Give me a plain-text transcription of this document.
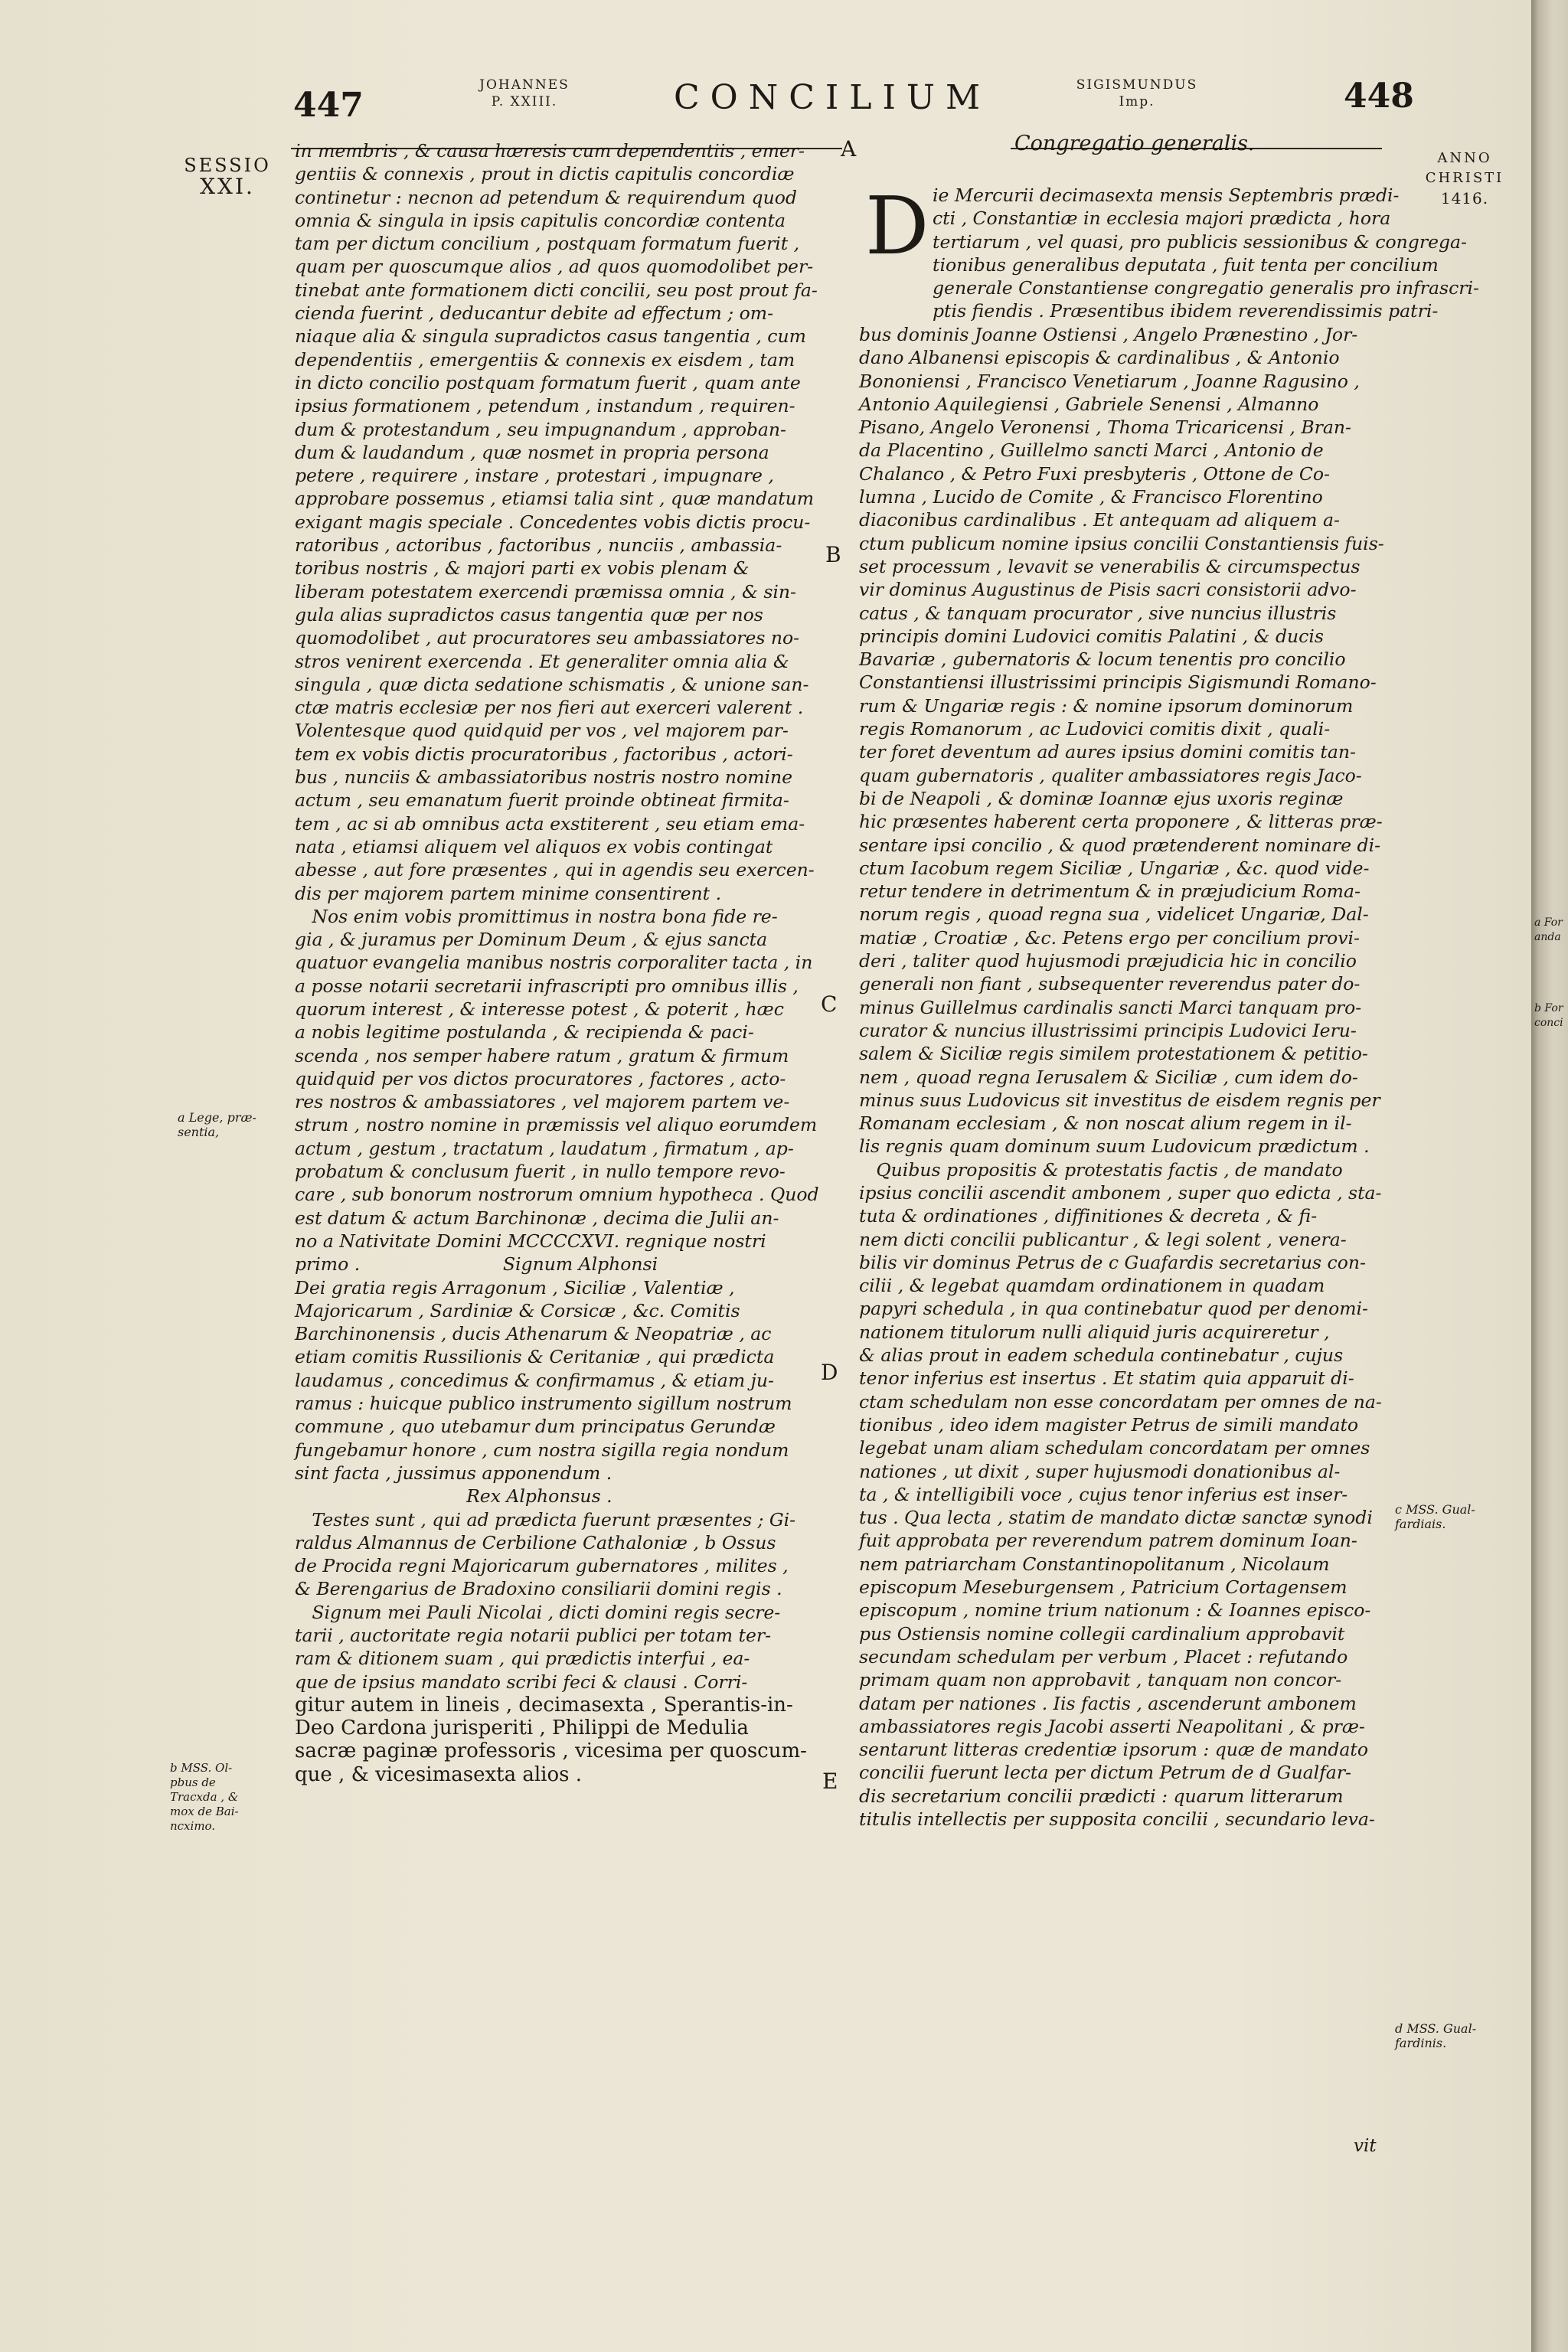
447
JOHANNES
P. XXIII.	CONCILIUM	SIGISMUNDUS
Imp.	448
SESSIO
XXI.
a Lege, præ-
sentia,
b MSS. Ol-
pbus de
Tracxda , &
mox de Bai-
ncximo.
A
B
C
D
E
in membris , & causa hæresis cum dependentiis , emer-
gentiis & connexis , prout in dictis capitulis concordiæ
continetur : necnon ad petendum & requirendum quod
omnia & singula in ipsis capitulis concordiæ contenta
tam per dictum concilium , postquam formatum fuerit ,
quam per quoscumque alios , ad quos quomodolibet per-
tinebat ante formationem dicti concilii, seu post prout fa-
cienda fuerint , deducantur debite ad effectum ; om-
niaque alia & singula supradictos casus tangentia , cum
dependentiis , emergentiis & connexis ex eisdem , tam
in dicto concilio postquam formatum fuerit , quam ante
ipsius formationem , petendum , instandum , requiren-
dum & protestandum , seu impugnandum , approban-
dum & laudandum , quæ nosmet in propria persona
petere , requirere , instare , protestari , impugnare ,
approbare possemus , etiamsi talia sint , quæ mandatum
exigant magis speciale . Concedentes vobis dictis procu-
ratoribus , actoribus , factoribus , nunciis , ambassia-
toribus nostris , & majori parti ex vobis plenam &
liberam potestatem exercendi præmissa omnia , & sin-
gula alias supradictos casus tangentia quæ per nos
quomodolibet , aut procuratores seu ambassiatores no-
stros venirent exercenda . Et generaliter omnia alia &
singula , quæ dicta sedatione schismatis , & unione san-
ctæ matris ecclesiæ per nos fieri aut exerceri valerent .
Volentesque quod quidquid per vos , vel majorem par-
tem ex vobis dictis procuratoribus , factoribus , actori-
bus , nunciis & ambassiatoribus nostris nostro nomine
actum , seu emanatum fuerit proinde obtineat firmita-
tem , ac si ab omnibus acta exstiterent , seu etiam ema-
nata , etiamsi aliquem vel aliquos ex vobis contingat
abesse , aut fore præsentes , qui in agendis seu exercen-
dis per majorem partem minime consentirent .
Nos enim vobis promittimus in nostra bona fide re-
gia , & juramus per Dominum Deum , & ejus sancta
quatuor evangelia manibus nostris corporaliter tacta , in
a posse notarii secretarii infrascripti pro omnibus illis ,
quorum interest , & interesse potest , & poterit , hæc
a nobis legitime postulanda , & recipienda & paci-
scenda , nos semper habere ratum , gratum & firmum
quidquid per vos dictos procuratores , factores , acto-
res nostros & ambassiatores , vel majorem partem ve-
strum , nostro nomine in præmissis vel aliquo eorumdem
actum , gestum , tractatum , laudatum , firmatum , ap-
probatum & conclusum fuerit , in nullo tempore revo-
care , sub bonorum nostrorum omnium hypotheca . Quod
est datum & actum Barchinonæ , decima die Julii an-
no a Nativitate Domini MCCCCXVI. regnique nostri
primo .                         Signum Alphonsi
Dei gratia regis Arragonum , Siciliæ , Valentiæ ,
Majoricarum , Sardiniæ & Corsicæ , &c. Comitis
Barchinonensis , ducis Athenarum & Neopatriæ , ac
etiam comitis Russilionis & Ceritaniæ , qui prædicta
laudamus , concedimus & confirmamus , & etiam ju-
ramus : huicque publico instrumento sigillum nostrum
commune , quo utebamur dum principatus Gerundæ
fungebamur honore , cum nostra sigilla regia nondum
sint facta , jussimus apponendum .
Rex Alphonsus .
Testes sunt , qui ad prædicta fuerunt præsentes ; Gi-
raldus Almannus de Cerbilione Cathaloniæ , b Ossus
de Procida regni Majoricarum gubernatores , milites ,
& Berengarius de Bradoxino consiliarii domini regis .
Signum mei Pauli Nicolai , dicti domini regis secre-
tarii , auctoritate regia notarii publici per totam ter-
ram & ditionem suam , qui prædictis interfui , ea-
que de ipsius mandato scribi feci & clausi . Corri-
gitur autem in lineis , decimasexta , Sperantis-in-
Deo Cardona jurisperiti , Philippi de Medulia
sacræ paginæ professoris , vicesima per quoscum-
que , & vicesimasexta alios .
Congregatio generalis.
D ie Mercurii decimasexta mensis Septembris prædi-
cti , Constantiæ in ecclesia majori prædicta , hora
tertiarum , vel quasi, pro publicis sessionibus & congrega-
tionibus generalibus deputata , fuit tenta per concilium
generale Constantiense congregatio generalis pro infrascri-
ptis fiendis . Præsentibus ibidem reverendissimis patri-
bus dominis Joanne Ostiensi , Angelo Prænestino , Jor-
dano Albanensi episcopis & cardinalibus , & Antonio
Bononiensi , Francisco Venetiarum , Joanne Ragusino ,
Antonio Aquilegiensi , Gabriele Senensi , Almanno
Pisano, Angelo Veronensi , Thoma Tricaricensi , Bran-
da Placentino , Guillelmo sancti Marci , Antonio de
Chalanco , & Petro Fuxi presbyteris , Ottone de Co-
lumna , Lucido de Comite , & Francisco Florentino
diaconibus cardinalibus . Et antequam ad aliquem a-
ctum publicum nomine ipsius concilii Constantiensis fuis-
set processum , levavit se venerabilis & circumspectus
vir dominus Augustinus de Pisis sacri consistorii advo-
catus , & tanquam procurator , sive nuncius illustris
principis domini Ludovici comitis Palatini , & ducis
Bavariæ , gubernatoris & locum tenentis pro concilio
Constantiensi illustrissimi principis Sigismundi Romano-
rum & Ungariæ regis : & nomine ipsorum dominorum
regis Romanorum , ac Ludovici comitis dixit , quali-
ter foret deventum ad aures ipsius domini comitis tan-
quam gubernatoris , qualiter ambassiatores regis Jaco-
bi de Neapoli , & dominæ Ioannæ ejus uxoris reginæ
hic præsentes haberent certa proponere , & litteras præ-
sentare ipsi concilio , & quod prætenderent nominare di-
ctum Iacobum regem Siciliæ , Ungariæ , &c. quod vide-
retur tendere in detrimentum & in præjudicium Roma-
norum regis , quoad regna sua , videlicet Ungariæ, Dal-
matiæ , Croatiæ , &c. Petens ergo per concilium provi-
deri , taliter quod hujusmodi præjudicia hic in concilio
generali non fiant , subsequenter reverendus pater do-
minus Guillelmus cardinalis sancti Marci tanquam pro-
curator & nuncius illustrissimi principis Ludovici Ieru-
salem & Siciliæ regis similem protestationem & petitio-
nem , quoad regna Ierusalem & Siciliæ , cum idem do-
minus suus Ludovicus sit investitus de eisdem regnis per
Romanam ecclesiam , & non noscat alium regem in il-
lis regnis quam dominum suum Ludovicum prædictum .
Quibus propositis & protestatis factis , de mandato
ipsius concilii ascendit ambonem , super quo edicta , sta-
tuta & ordinationes , diffinitiones & decreta , & fi-
nem dicti concilii publicantur , & legi solent , venera-
bilis vir dominus Petrus de c Guafardis secretarius con-
cilii , & legebat quamdam ordinationem in quadam
papyri schedula , in qua continebatur quod per denomi-
nationem titulorum nulli aliquid juris acquireretur ,
& alias prout in eadem schedula continebatur , cujus
tenor inferius est insertus . Et statim quia apparuit di-
ctam schedulam non esse concordatam per omnes de na-
tionibus , ideo idem magister Petrus de simili mandato
legebat unam aliam schedulam concordatam per omnes
nationes , ut dixit , super hujusmodi donationibus al-
ta , & intelligibili voce , cujus tenor inferius est inser-
tus . Qua lecta , statim de mandato dictæ sanctæ synodi
fuit approbata per reverendum patrem dominum Ioan-
nem patriarcham Constantinopolitanum , Nicolaum
episcopum Meseburgensem , Patricium Cortagensem
episcopum , nomine trium nationum : & Ioannes episco-
pus Ostiensis nomine collegii cardinalium approbavit
secundam schedulam per verbum , Placet : refutando
primam quam non approbavit , tanquam non concor-
datam per nationes . Iis factis , ascenderunt ambonem
ambassiatores regis Jacobi asserti Neapolitani , & præ-
sentarunt litteras credentiæ ipsorum : quæ de mandato
concilii fuerunt lecta per dictum Petrum de d Gualfar-
dis secretarium concilii prædicti : quarum litterarum
titulis intellectis per supposita concilii , secundario leva-
vit
ANNO
CHRISTI
1416.
c MSS. Gual-
fardiais.
d MSS. Gual-
fardinis.
a For
anda
b For
conci
